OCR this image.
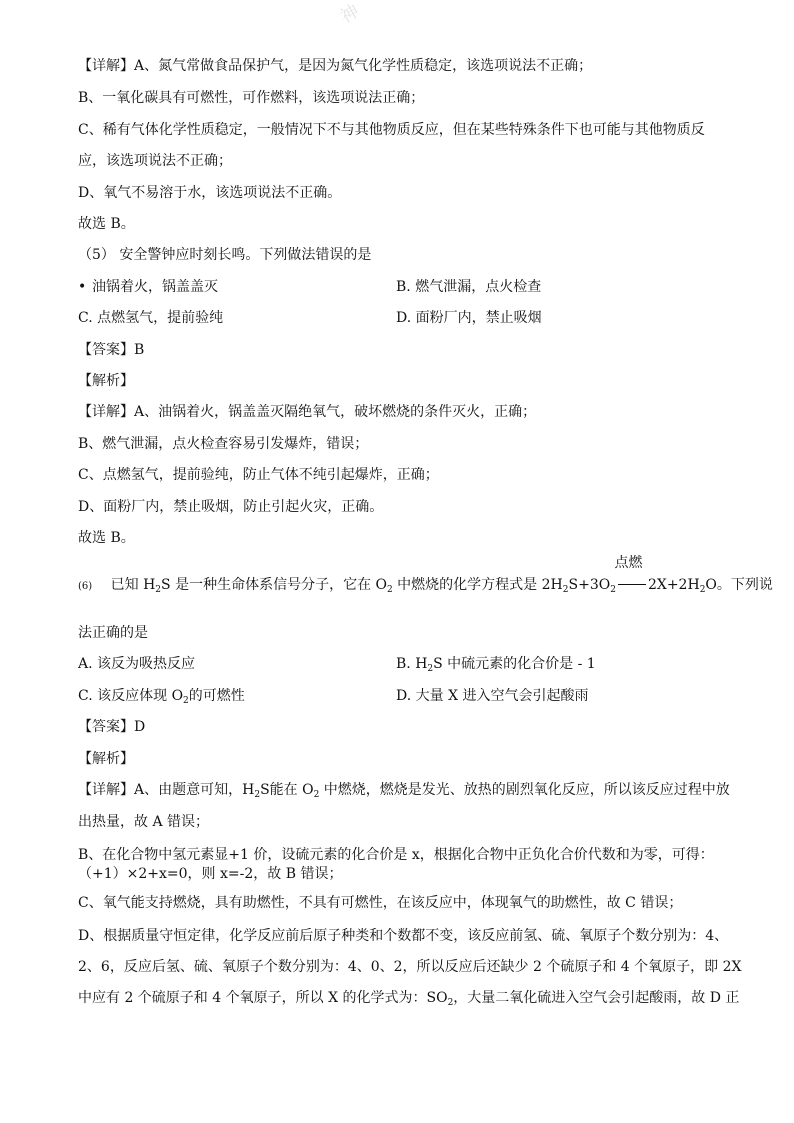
神
【详解】A、氮气常做食品保护气，是因为氮气化学性质稳定，该选项说法不正确；
B、一氧化碳具有可燃性，可作燃料，该选项说法正确；
C、稀有气体化学性质稳定，一般情况下不与其他物质反应，但在某些特殊条件下也可能与其他物质反
应，该选项说法不正确；
D、氧气不易溶于水，该选项说法不正确。
故选 B。
（5） 安全警钟应时刻长鸣。下列做法错误的是
• 油锅着火，锅盖盖灭	B. 燃气泄漏，点火检查
C. 点燃氢气，提前验纯	D. 面粉厂内，禁止吸烟
【答案】B
【解析】
【详解】A、油锅着火，锅盖盖灭隔绝氧气，破坏燃烧的条件灭火，正确；
B、燃气泄漏，点火检查容易引发爆炸，错误；
C、点燃氢气，提前验纯，防止气体不纯引起爆炸，正确；
D、面粉厂内，禁止吸烟，防止引起火灾，正确。
故选 B。
(6) 已知 $H_2S$ 是一种生命体系信号分子，它在 $O_2$ 中燃烧的化学方程式是 $2H_2S+3O_2$
点燃
$2X+2H_2O$。下列说
法正确的是
A. 该反为吸热反应	B. $H_2S$ 中硫元素的化合价是 - 1
C. 该反应体现 $O_2$的可燃性	D. 大量 X 进入空气会引起酸雨
【答案】D
【解析】
【详解】A、由题意可知，$H_2S$能在 $O_2$ 中燃烧，燃烧是发光、放热的剧烈氧化反应，所以该反应过程中放
出热量，故 A 错误；
B、在化合物中氢元素显+1 价，设硫元素的化合价是 x，根据化合物中正负化合价代数和为零，可得：
（+1）×2+x=0，则 x=-2，故 B 错误；
C、氧气能支持燃烧，具有助燃性，不具有可燃性，在该反应中，体现氧气的助燃性，故 C 错误；
D、根据质量守恒定律，化学反应前后原子种类和个数都不变，该反应前氢、硫、氧原子个数分别为：4、
2、6，反应后氢、硫、氧原子个数分别为：4、0、2，所以反应后还缺少 2 个硫原子和 4 个氧原子，即 2X
中应有 2 个硫原子和 4 个氧原子，所以 X 的化学式为：$SO_2$，大量二氧化硫进入空气会引起酸雨，故 D 正
